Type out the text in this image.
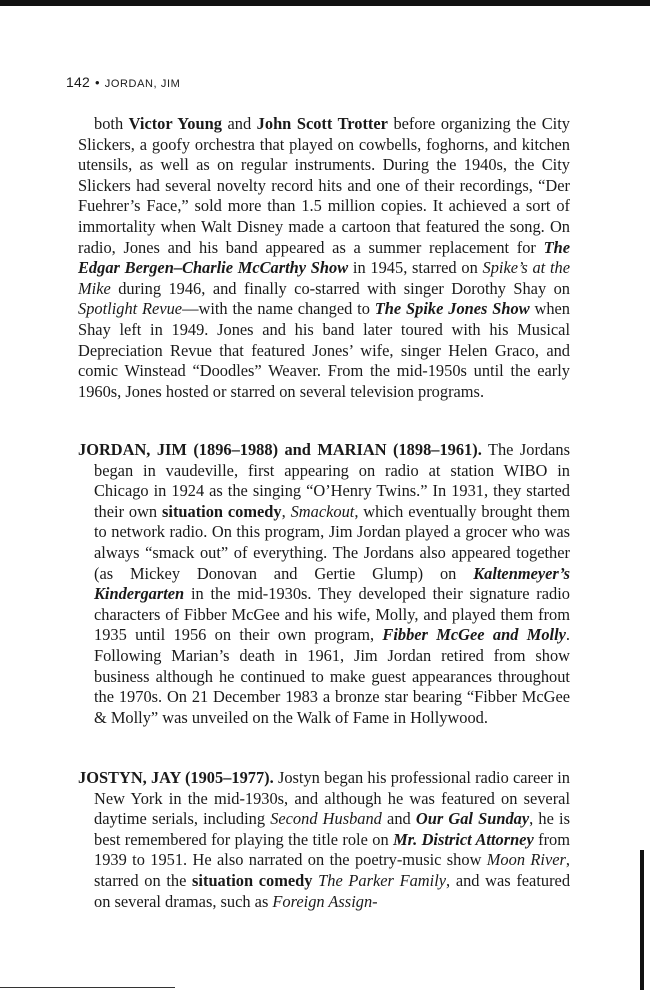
142 • JORDAN, JIM
both Victor Young and John Scott Trotter before organizing the City Slickers, a goofy orchestra that played on cowbells, foghorns, and kitchen utensils, as well as on regular instruments. During the 1940s, the City Slickers had several novelty record hits and one of their recordings, “Der Fuehrer’s Face,” sold more than 1.5 million copies. It achieved a sort of immortality when Walt Disney made a cartoon that featured the song. On radio, Jones and his band appeared as a summer replacement for The Edgar Bergen–Charlie McCarthy Show in 1945, starred on Spike’s at the Mike during 1946, and finally co-starred with singer Dorothy Shay on Spotlight Revue—with the name changed to The Spike Jones Show when Shay left in 1949. Jones and his band later toured with his Musical Depreciation Revue that featured Jones’ wife, singer Helen Graco, and comic Winstead “Doodles” Weaver. From the mid-1950s until the early 1960s, Jones hosted or starred on several television programs.
JORDAN, JIM (1896–1988) and MARIAN (1898–1961). The Jordans began in vaudeville, first appearing on radio at station WIBO in Chicago in 1924 as the singing “O’Henry Twins.” In 1931, they started their own situation comedy, Smackout, which eventually brought them to network radio. On this program, Jim Jordan played a grocer who was always “smack out” of everything. The Jordans also appeared together (as Mickey Donovan and Gertie Glump) on Kaltenmeyer’s Kindergarten in the mid-1930s. They developed their signature radio characters of Fibber McGee and his wife, Molly, and played them from 1935 until 1956 on their own program, Fibber McGee and Molly. Following Marian’s death in 1961, Jim Jordan retired from show business although he continued to make guest appearances throughout the 1970s. On 21 December 1983 a bronze star bearing “Fibber McGee & Molly” was unveiled on the Walk of Fame in Hollywood.
JOSTYN, JAY (1905–1977). Jostyn began his professional radio career in New York in the mid-1930s, and although he was featured on several daytime serials, including Second Husband and Our Gal Sunday, he is best remembered for playing the title role on Mr. District Attorney from 1939 to 1951. He also narrated on the poetry-music show Moon River, starred on the situation comedy The Parker Family, and was featured on several dramas, such as Foreign Assign-
